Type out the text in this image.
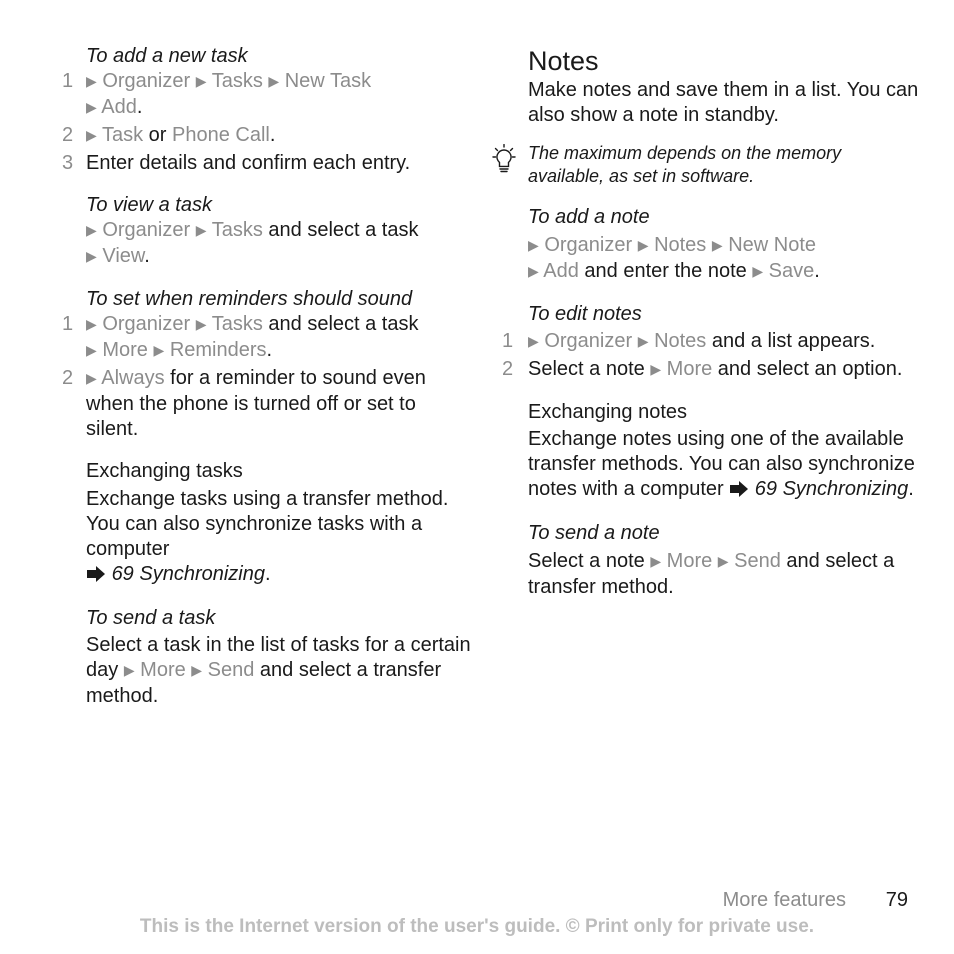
To add a new task

1 ▶ Organizer ▶ Tasks ▶ New Task
▶ Add.
2 ▶ Task or Phone Call.
3 Enter details and confirm each entry.

To view a task

▶ Organizer ▶ Tasks and select a task
▶ View.

To set when reminders should sound

1 ▶ Organizer ▶ Tasks and select a task
▶ More ▶ Reminders.
2 ▶ Always for a reminder to sound even when the phone is turned off or set to silent.

Exchanging tasks

Exchange tasks using a transfer method. You can also synchronize tasks with a computer
69 Synchronizing.

To send a task

Select a task in the list of tasks for a certain day ▶ More ▶ Send and select a transfer method.

Notes

Make notes and save them in a list. You can also show a note in standby.

The maximum depends on the memory available, as set in software.

To add a note

▶ Organizer ▶ Notes ▶ New Note
▶ Add and enter the note ▶ Save.

To edit notes

1	▶ Organizer ▶ Notes and a list appears.
2 Select a note ▶ More and select an option.

Exchanging notes

Exchange notes using one of the available transfer methods. You can also synchronize notes with a computer 69 Synchronizing.

To send a note

Select a note ▶ More ▶ Send and select a transfer method.

More features 79
This is the Internet version of the user's guide. © Print only for private use.
